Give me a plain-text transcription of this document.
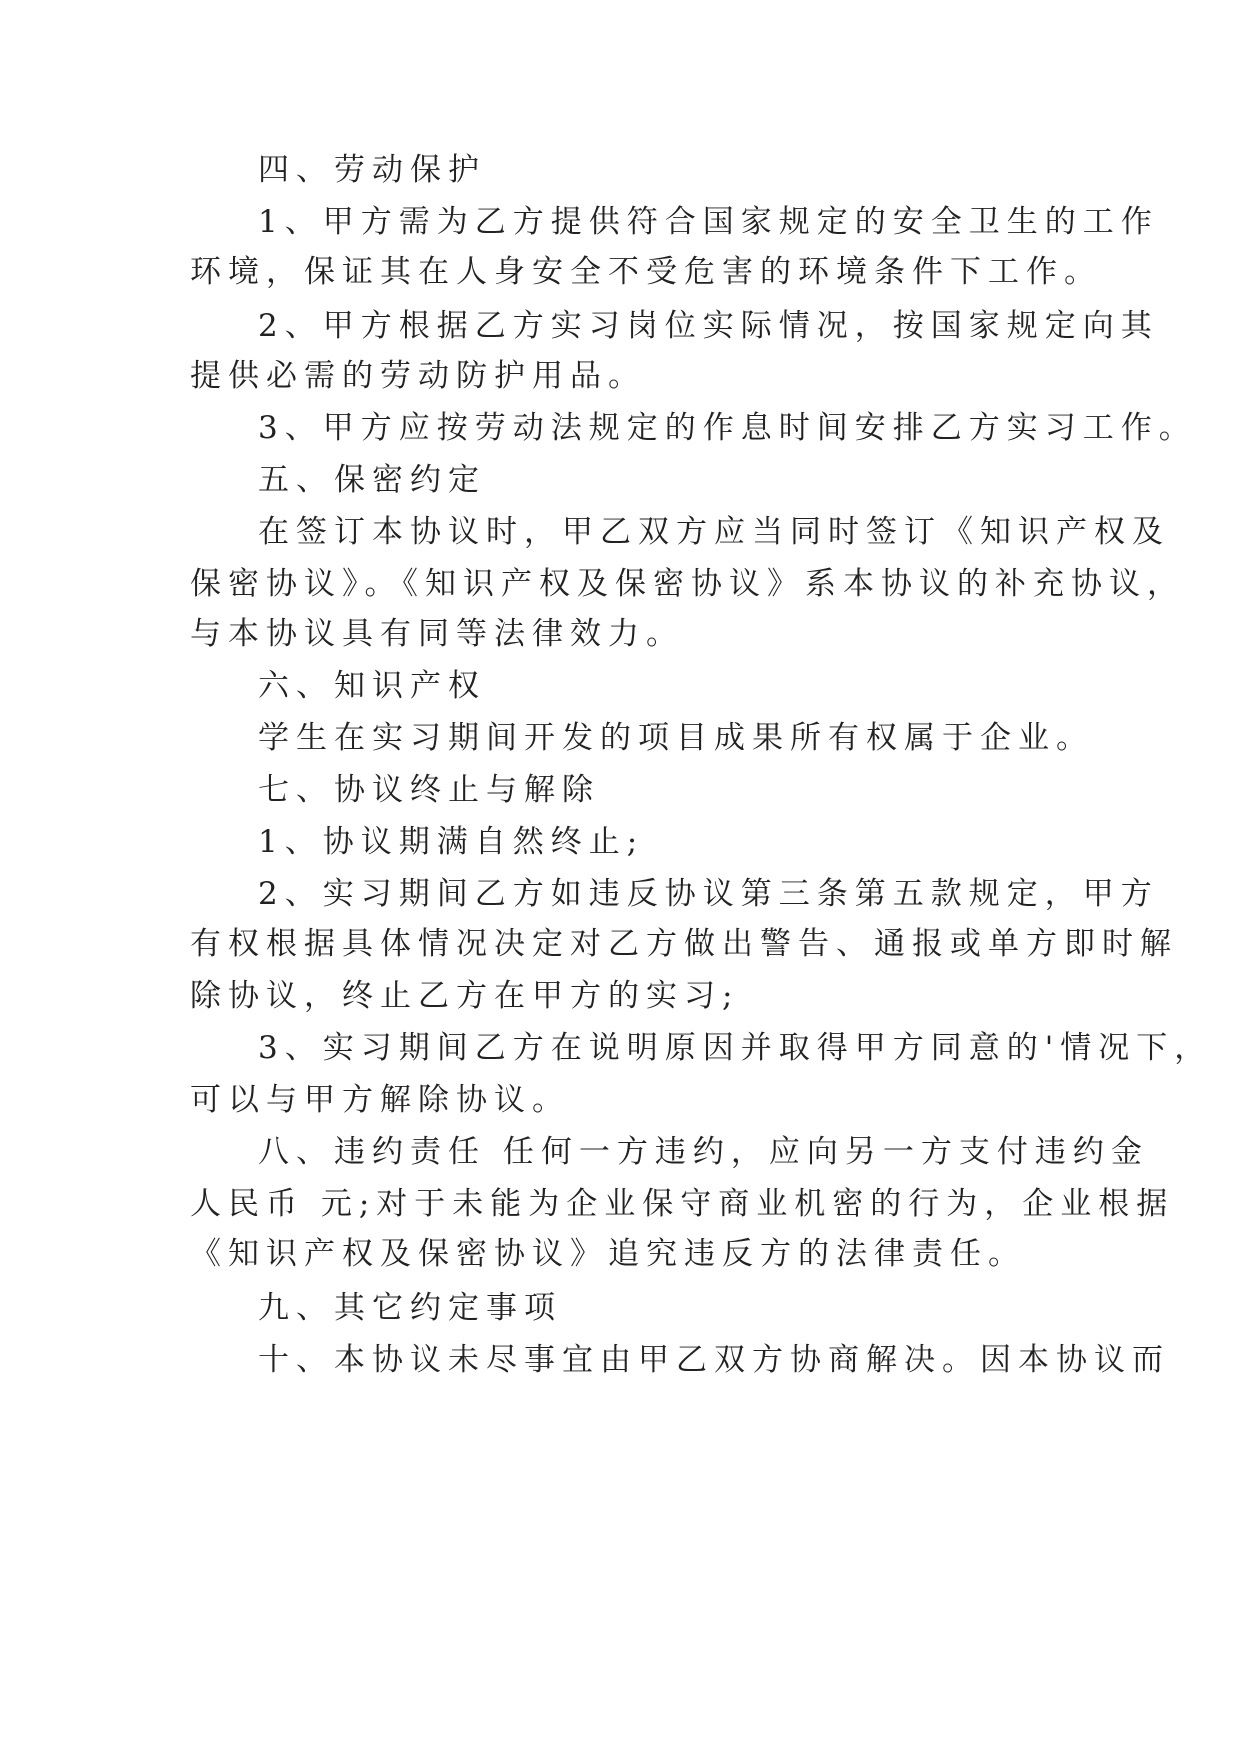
四、劳动保护
1、甲方需为乙方提供符合国家规定的安全卫生的工作
环境，保证其在人身安全不受危害的环境条件下工作。
2、甲方根据乙方实习岗位实际情况，按国家规定向其
提供必需的劳动防护用品。
3、甲方应按劳动法规定的作息时间安排乙方实习工作。
五、保密约定
在签订本协议时，甲乙双方应当同时签订《知识产权及
保密协议》。《知识产权及保密协议》系本协议的补充协议，
与本协议具有同等法律效力。
六、知识产权
学生在实习期间开发的项目成果所有权属于企业。
七、协议终止与解除
1、协议期满自然终止;
2、实习期间乙方如违反协议第三条第五款规定，甲方
有权根据具体情况决定对乙方做出警告、通报或单方即时解
除协议，终止乙方在甲方的实习;
3、实习期间乙方在说明原因并取得甲方同意的'情况下，
可以与甲方解除协议。
八、违约责任 任何一方违约，应向另一方支付违约金
人民币 元;对于未能为企业保守商业机密的行为，企业根据
《知识产权及保密协议》追究违反方的法律责任。
九、其它约定事项
十、本协议未尽事宜由甲乙双方协商解决。因本协议而
